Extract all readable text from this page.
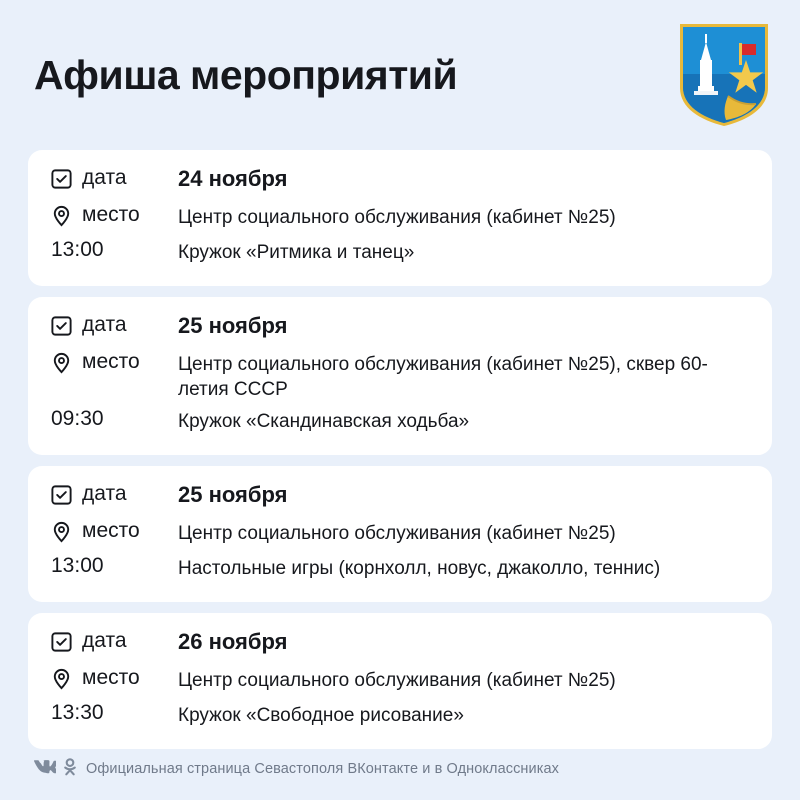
Афиша мероприятий
дата 24 ноября
место Центр социального обслуживания (кабинет №25)
13:00	Кружок «Ритмика и танец»
дата 25 ноября
место Центр социального обслуживания (кабинет №25), сквер 60-летия СССР
09:30	Кружок «Скандинавская ходьба»
дата 25 ноября
место Центр социального обслуживания (кабинет №25)
13:00	Настольные игры (корнхолл, новус, джаколло, теннис)
дата 26 ноября
место Центр социального обслуживания (кабинет №25)
13:30	Кружок «Свободное рисование»
Официальная страница Севастополя ВКонтакте и в Одноклассниках
